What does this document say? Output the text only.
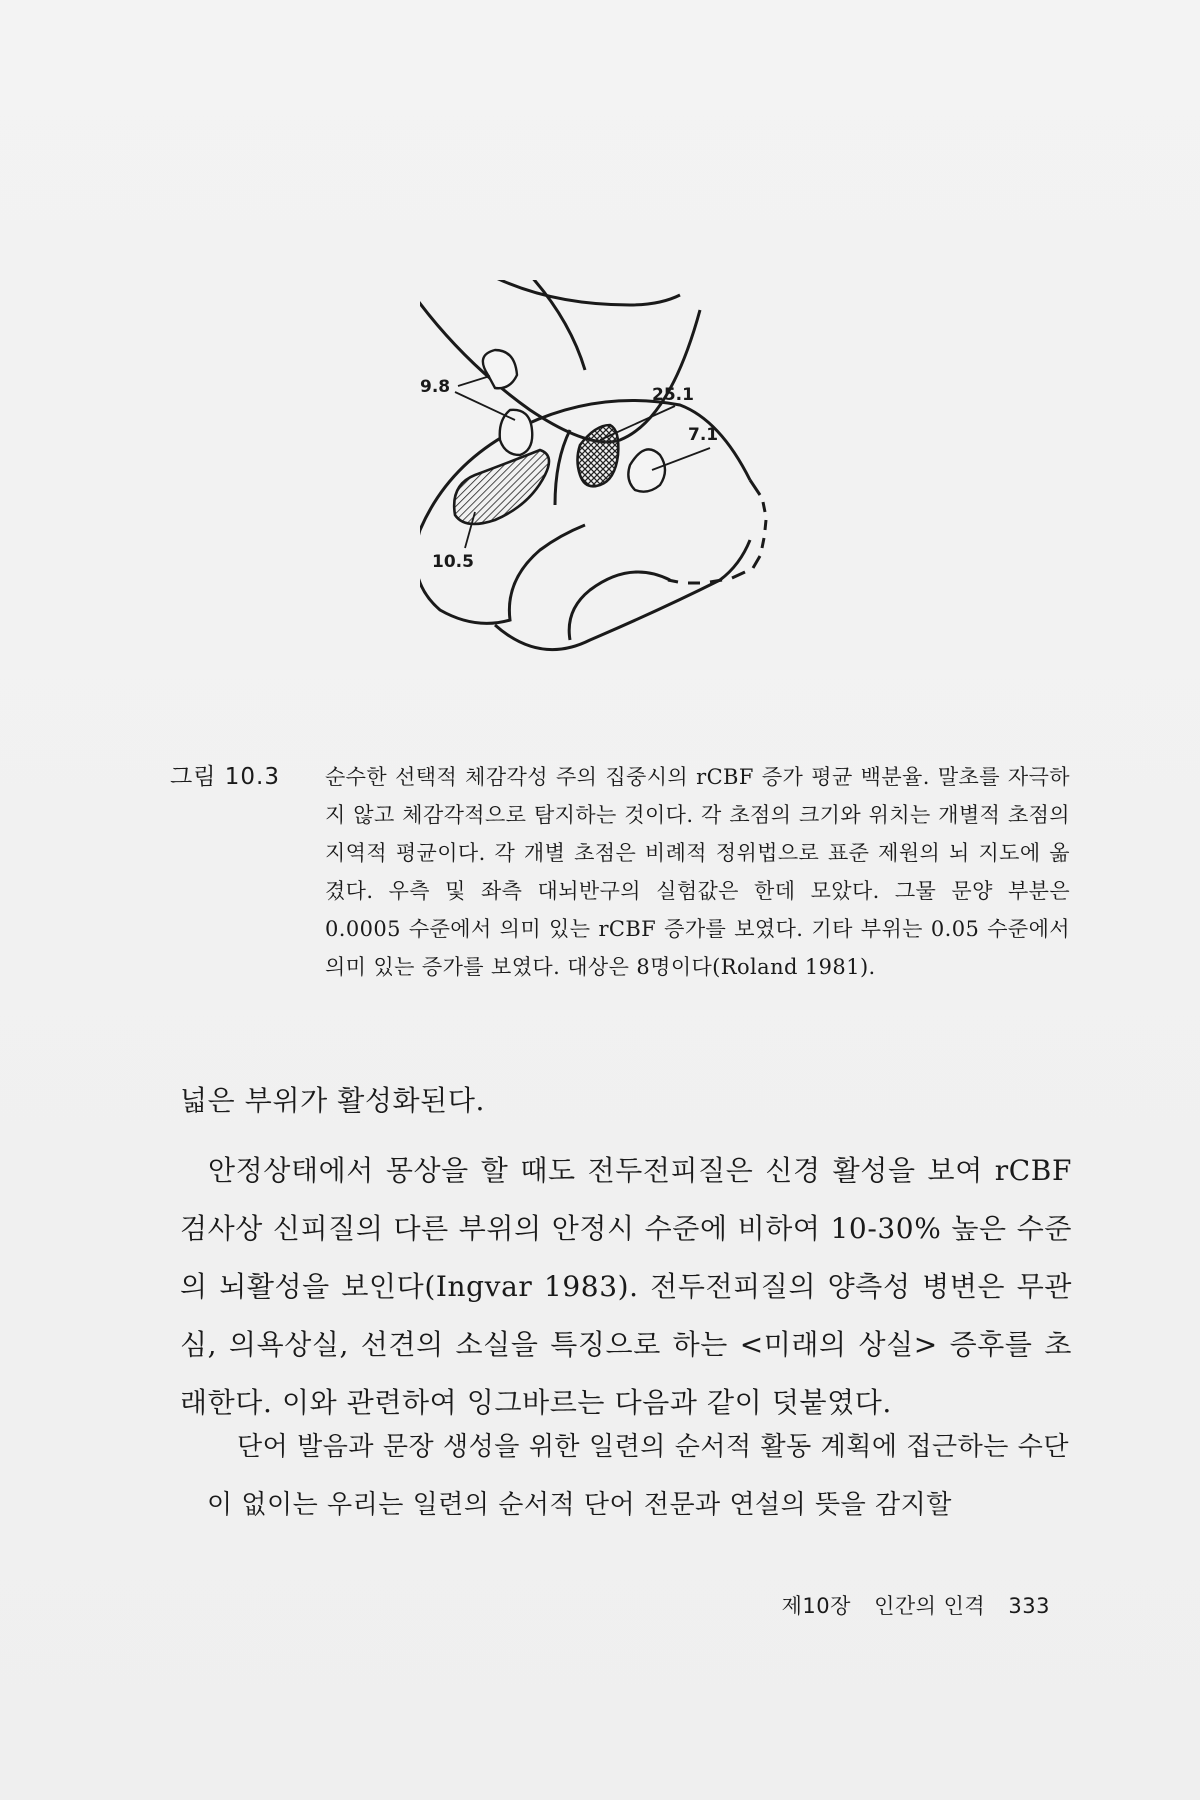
9.8	25.1
7.1
10.5
그림 10.3	순수한 선택적 체감각성 주의 집중시의 rCBF 증가 평균 백분율. 말초를 자극하지 않고 체감각적으로 탐지하는 것이다. 각 초점의 크기와 위치는 개별적 초점의 지역적 평균이다. 각 개별 초점은 비례적 정위법으로 표준 제원의 뇌 지도에 옮겼다. 우측 및 좌측 대뇌반구의 실험값은 한데 모았다. 그물 문양 부분은 0.0005 수준에서 의미 있는 rCBF 증가를 보였다. 기타 부위는 0.05 수준에서 의미 있는 증가를 보였다. 대상은 8명이다(Roland 1981).

넓은 부위가 활성화된다.

안정상태에서 몽상을 할 때도 전두전피질은 신경 활성을 보여 rCBF 검사상 신피질의 다른 부위의 안정시 수준에 비하여 10-30% 높은 수준의 뇌활성을 보인다(Ingvar 1983). 전두전피질의 양측성 병변은 무관심, 의욕상실, 선견의 소실을 특징으로 하는 <미래의 상실> 증후를 초래한다. 이와 관련하여 잉그바르는 다음과 같이 덧붙였다.

단어 발음과 문장 생성을 위한 일련의 순서적 활동 계획에 접근하는 수단이 없이는 우리는 일련의 순서적 단어 전문과 연설의 뜻을 감지할

제10장 인간의 인격 333
